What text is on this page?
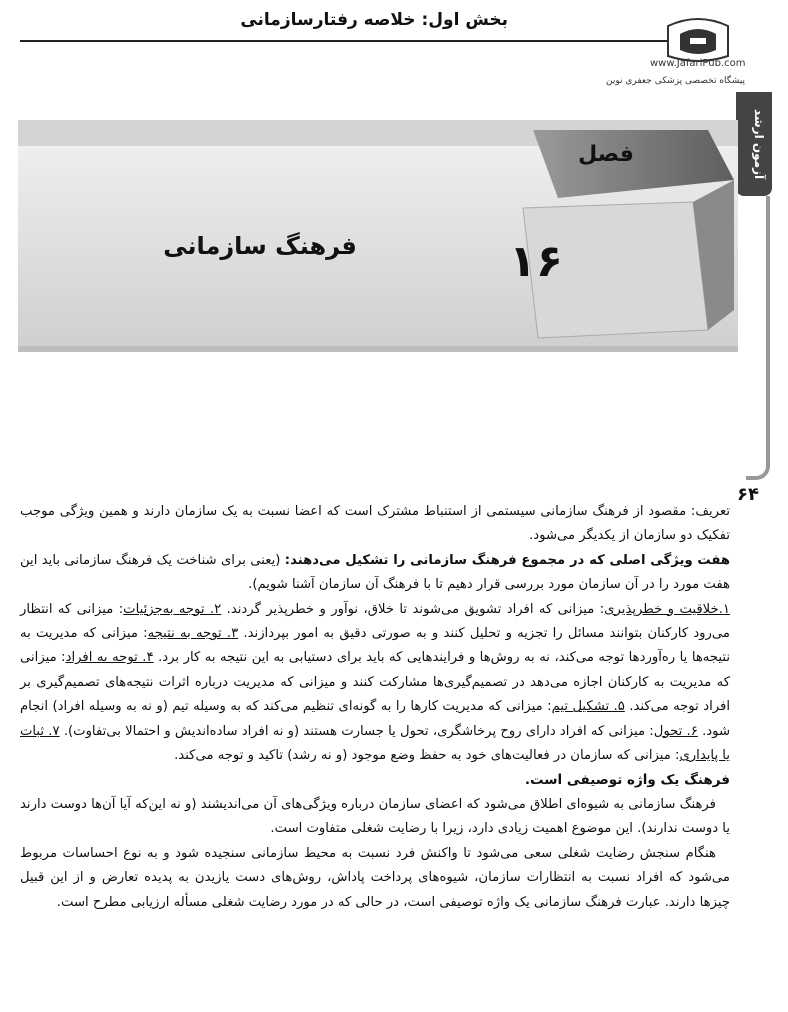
بخش اول: خلاصه رفتارسازمانی
www.JafariPub.com
پیشگاه تخصصی پزشکی جعفری نوین
آزمون ارشد
۶۴
فصل
۱۶
فرهنگ سازمانی

تعریف: مقصود از فرهنگ سازمانی سیستمی از استنباط مشترک است که اعضا نسبت به یک سازمان دارند و همین ویژگی موجب تفکیک دو سازمان از یکدیگر می‌شود.

هفت ویژگی اصلی که در مجموع فرهنگ سازمانی را تشکیل می‌دهند: (یعنی برای شناخت یک فرهنگ سازمانی باید این هفت مورد را در آن سازمان مورد بررسی قرار دهیم تا با فرهنگ آن سازمان آشنا شویم).

۱.خلاقیت و خطرپذیری: میزانی که افراد تشویق می‌شوند تا خلاق، نوآور و خطرپذیر گردند. ۲. توجه به‌جزئیات: میزانی که انتظار می‌رود کارکنان بتوانند مسائل را تجزیه و تحلیل کنند و به صورتی دقیق به امور بپردازند. ۳. توجه به نتیجه: میزانی که مدیریت به نتیجه‌ها یا ره‌آوردها توجه می‌کند، نه به روش‌ها و فرایندهایی که باید برای دستیابی به این نتیجه به کار برد. ۴. توجه به افراد: میزانی که مدیریت به کارکنان اجازه می‌دهد در تصمیم‌گیری‌ها مشارکت کنند و میزانی که مدیریت درباره اثرات نتیجه‌های تصمیم‌گیری بر افراد توجه می‌کند. ۵. تشکیل تیم: میزانی که مدیریت کارها را به گونه‌ای تنظیم می‌کند که به وسیله تیم (و نه به وسیله افراد) انجام شود. ۶. تحول: میزانی که افراد دارای روح پرخاشگری، تحول یا جسارت هستند (و نه افراد ساده‌اندیش و احتمالا بی‌تفاوت). ۷. ثبات یا پایداری: میزانی که سازمان در فعالیت‌های خود به حفظ وضع موجود (و نه رشد) تاکید و توجه می‌کند.

فرهنگ یک واژه توصیفی است.

فرهنگ سازمانی به شیوه‌ای اطلاق می‌شود که اعضای سازمان درباره ویژگی‌های آن می‌اندیشند (و نه این‌که آیا آن‌ها دوست دارند یا دوست ندارند). این موضوع اهمیت زیادی دارد، زیرا با رضایت شغلی متفاوت است.

هنگام سنجش رضایت شغلی سعی می‌شود تا واکنش فرد نسبت به محیط سازمانی سنجیده شود و به نوع احساسات مربوط می‌شود که افراد نسبت به انتظارات سازمان، شیوه‌های پرداخت پاداش، روش‌های دست یازیدن به پدیده تعارض و از این قبیل چیزها دارند. عبارت فرهنگ سازمانی یک واژه توصیفی است، در حالی که در مورد رضایت شغلی مسأله ارزیابی مطرح است.
